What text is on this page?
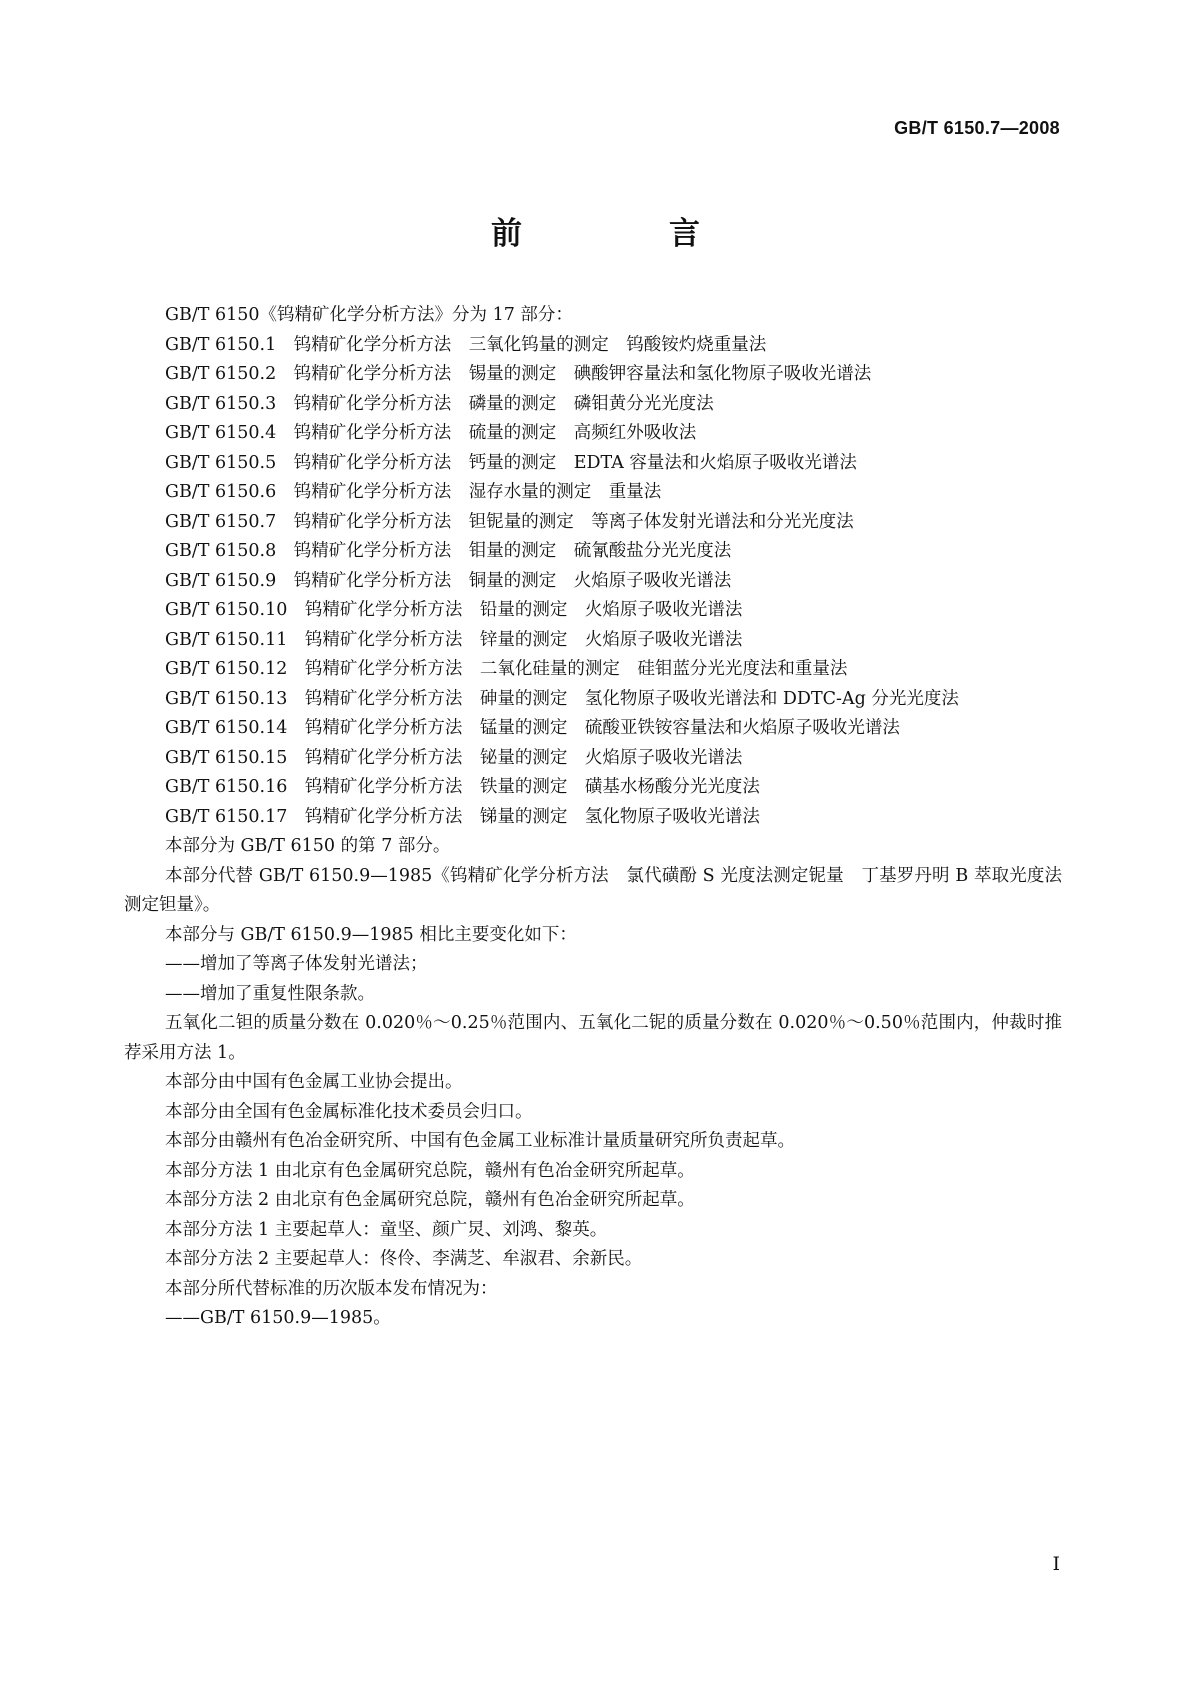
GB/T 6150.7—2008
前　言

GB/T 6150《钨精矿化学分析方法》分为 17 部分：

GB/T 6150.1　钨精矿化学分析方法　三氧化钨量的测定　钨酸铵灼烧重量法

GB/T 6150.2　钨精矿化学分析方法　锡量的测定　碘酸钾容量法和氢化物原子吸收光谱法

GB/T 6150.3　钨精矿化学分析方法　磷量的测定　磷钼黄分光光度法

GB/T 6150.4　钨精矿化学分析方法　硫量的测定　高频红外吸收法

GB/T 6150.5　钨精矿化学分析方法　钙量的测定　EDTA 容量法和火焰原子吸收光谱法

GB/T 6150.6　钨精矿化学分析方法　湿存水量的测定　重量法

GB/T 6150.7　钨精矿化学分析方法　钽铌量的测定　等离子体发射光谱法和分光光度法

GB/T 6150.8　钨精矿化学分析方法　钼量的测定　硫氰酸盐分光光度法

GB/T 6150.9　钨精矿化学分析方法　铜量的测定　火焰原子吸收光谱法

GB/T 6150.10　钨精矿化学分析方法　铅量的测定　火焰原子吸收光谱法

GB/T 6150.11　钨精矿化学分析方法　锌量的测定　火焰原子吸收光谱法

GB/T 6150.12　钨精矿化学分析方法　二氧化硅量的测定　硅钼蓝分光光度法和重量法

GB/T 6150.13　钨精矿化学分析方法　砷量的测定　氢化物原子吸收光谱法和 DDTC-Ag 分光光度法

GB/T 6150.14　钨精矿化学分析方法　锰量的测定　硫酸亚铁铵容量法和火焰原子吸收光谱法

GB/T 6150.15　钨精矿化学分析方法　铋量的测定　火焰原子吸收光谱法

GB/T 6150.16　钨精矿化学分析方法　铁量的测定　磺基水杨酸分光光度法

GB/T 6150.17　钨精矿化学分析方法　锑量的测定　氢化物原子吸收光谱法

本部分为 GB/T 6150 的第 7 部分。

本部分代替 GB/T 6150.9—1985《钨精矿化学分析方法　氯代磺酚 S 光度法测定铌量　丁基罗丹明 B 萃取光度法测定钽量》。

本部分与 GB/T 6150.9—1985 相比主要变化如下：

——增加了等离子体发射光谱法；

——增加了重复性限条款。

五氧化二钽的质量分数在 0.020％～0.25％范围内、五氧化二铌的质量分数在 0.020％～0.50％范围内，仲裁时推荐采用方法 1。

本部分由中国有色金属工业协会提出。

本部分由全国有色金属标准化技术委员会归口。

本部分由赣州有色冶金研究所、中国有色金属工业标准计量质量研究所负责起草。

本部分方法 1 由北京有色金属研究总院，赣州有色冶金研究所起草。

本部分方法 2 由北京有色金属研究总院，赣州有色冶金研究所起草。

本部分方法 1 主要起草人：童坚、颜广炅、刘鸿、黎英。

本部分方法 2 主要起草人：佟伶、李满芝、牟淑君、余新民。

本部分所代替标准的历次版本发布情况为：

——GB/T 6150.9—1985。

I
